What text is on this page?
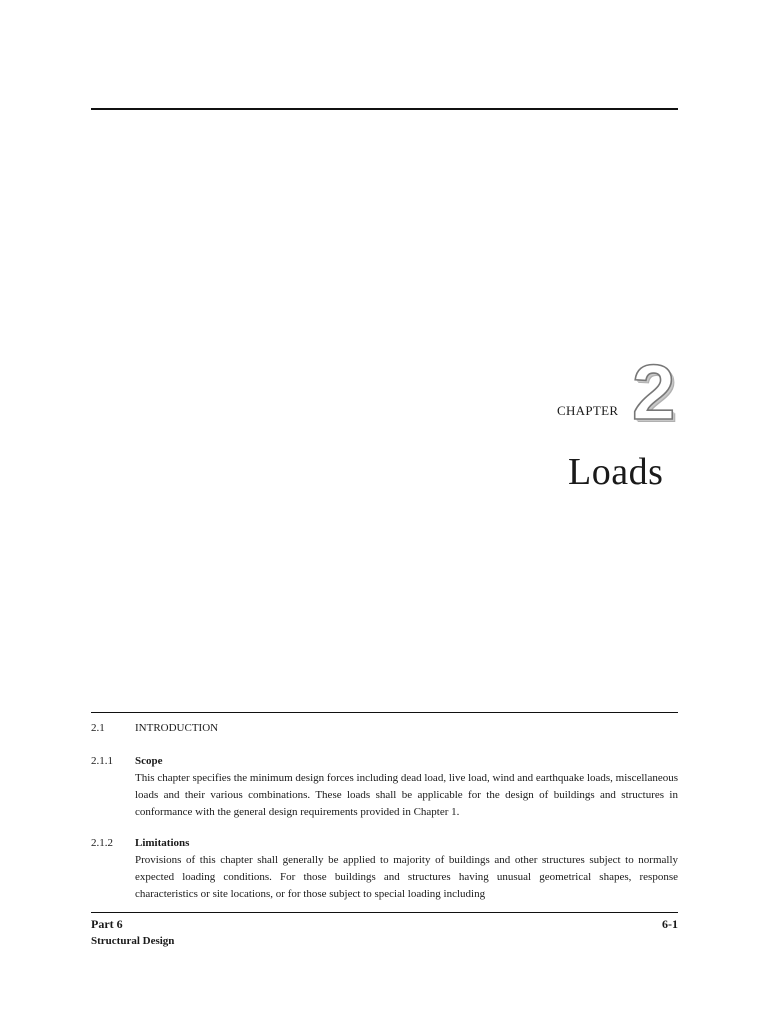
CHAPTER 2
Loads
2.1	INTRODUCTION
2.1.1 Scope
This chapter specifies the minimum design forces including dead load, live load, wind and earthquake loads, miscellaneous loads and their various combinations. These loads shall be applicable for the design of buildings and structures in conformance with the general design requirements provided in Chapter 1.
2.1.2 Limitations
Provisions of this chapter shall generally be applied to majority of buildings and other structures subject to normally expected loading conditions. For those buildings and structures having unusual geometrical shapes, response characteristics or site locations, or for those subject to special loading including
Part 6
Structural Design
6-1
